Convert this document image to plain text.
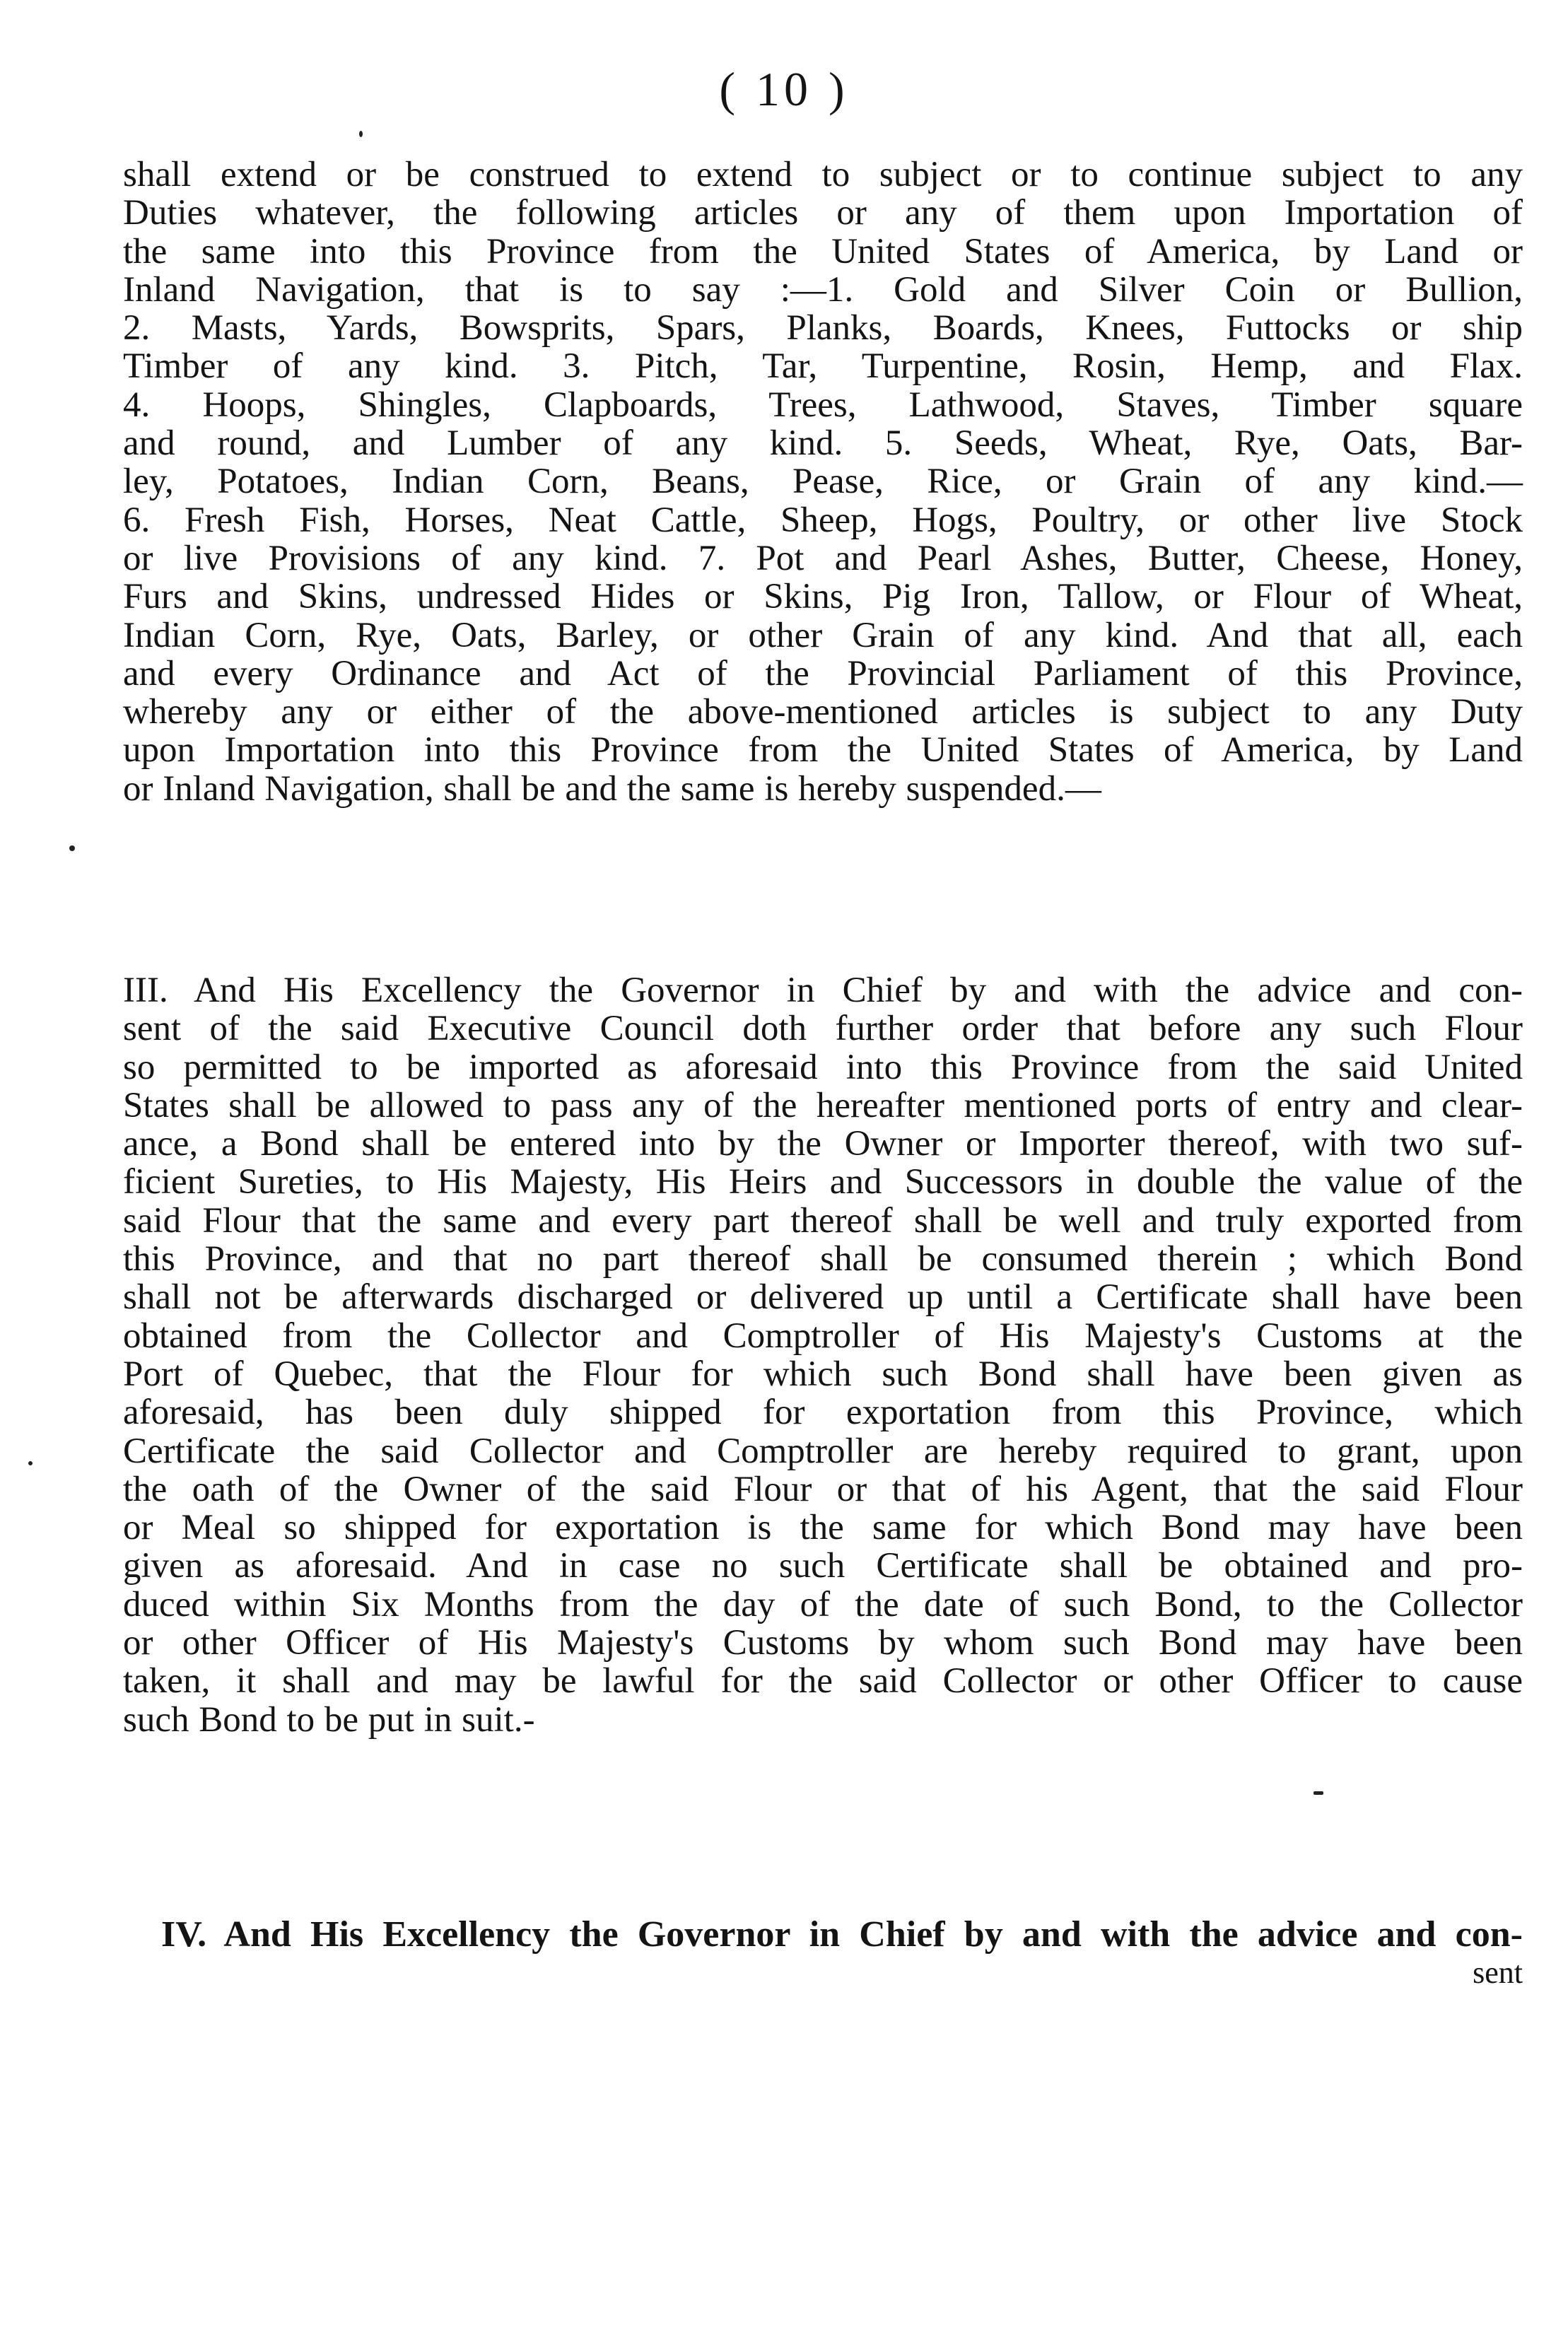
( 10 )
shall extend or be construed to extend to subject or to continue subject to any
Duties whatever, the following articles or any of them upon Importation of
the same into this Province from the United States of America, by Land or
Inland Navigation, that is to say :—1. Gold and Silver Coin or Bullion,
2. Masts, Yards, Bowsprits, Spars, Planks, Boards, Knees, Futtocks or ship
Timber of any kind. 3. Pitch, Tar, Turpentine, Rosin, Hemp, and Flax.
4. Hoops, Shingles, Clapboards, Trees, Lathwood, Staves, Timber square
and round, and Lumber of any kind. 5. Seeds, Wheat, Rye, Oats, Bar-
ley, Potatoes, Indian Corn, Beans, Pease, Rice, or Grain of any kind.—
6. Fresh Fish, Horses, Neat Cattle, Sheep, Hogs, Poultry, or other live Stock
or live Provisions of any kind. 7. Pot and Pearl Ashes, Butter, Cheese, Honey,
Furs and Skins, undressed Hides or Skins, Pig Iron, Tallow, or Flour of Wheat,
Indian Corn, Rye, Oats, Barley, or other Grain of any kind. And that all, each
and every Ordinance and Act of the Provincial Parliament of this Province,
whereby any or either of the above-mentioned articles is subject to any Duty
upon Importation into this Province from the United States of America, by Land
or Inland Navigation, shall be and the same is hereby suspended.—
III. And His Excellency the Governor in Chief by and with the advice and con-
sent of the said Executive Council doth further order that before any such Flour
so permitted to be imported as aforesaid into this Province from the said United
States shall be allowed to pass any of the hereafter mentioned ports of entry and clear-
ance, a Bond shall be entered into by the Owner or Importer thereof, with two suf-
ficient Sureties, to His Majesty, His Heirs and Successors in double the value of the
said Flour that the same and every part thereof shall be well and truly exported from
this Province, and that no part thereof shall be consumed therein ; which Bond
shall not be afterwards discharged or delivered up until a Certificate shall have been
obtained from the Collector and Comptroller of His Majesty's Customs at the
Port of Quebec, that the Flour for which such Bond shall have been given as
aforesaid, has been duly shipped for exportation from this Province, which
Certificate the said Collector and Comptroller are hereby required to grant, upon
the oath of the Owner of the said Flour or that of his Agent, that the said Flour
or Meal so shipped for exportation is the same for which Bond may have been
given as aforesaid. And in case no such Certificate shall be obtained and pro-
duced within Six Months from the day of the date of such Bond, to the Collector
or other Officer of His Majesty's Customs by whom such Bond may have been
taken, it shall and may be lawful for the said Collector or other Officer to cause
such Bond to be put in suit.-
IV. And His Excellency the Governor in Chief by and with the advice and con-
sent
